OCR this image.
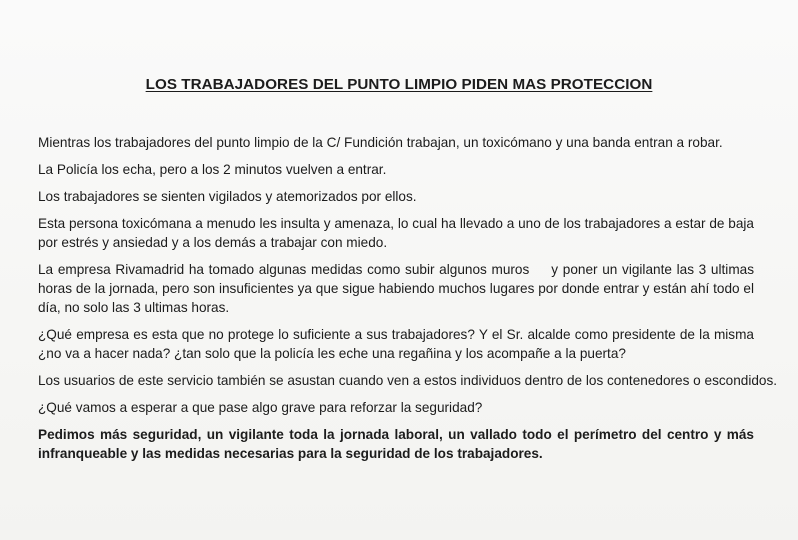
LOS TRABAJADORES DEL PUNTO LIMPIO PIDEN MAS PROTECCION

Mientras los trabajadores del punto limpio de la C/ Fundición trabajan, un toxicómano y una banda entran a robar.

La Policía los echa, pero a los 2 minutos vuelven a entrar.

Los trabajadores se sienten vigilados y atemorizados por ellos.

Esta persona toxicómana a menudo les insulta y amenaza, lo cual ha llevado a uno de los trabajadores a estar de baja por estrés y ansiedad y a los demás a trabajar con miedo.

La empresa Rivamadrid ha tomado algunas medidas como subir algunos muros y poner un vigilante las 3 ultimas horas de la jornada, pero son insuficientes ya que sigue habiendo muchos lugares por donde entrar y están ahí todo el día, no solo las 3 ultimas horas.

¿Qué empresa es esta que no protege lo suficiente a sus trabajadores? Y el Sr. alcalde como presidente de la misma ¿no va a hacer nada? ¿tan solo que la policía les eche una regañina y los acompañe a la puerta?

Los usuarios de este servicio también se asustan cuando ven a estos individuos dentro de los contenedores o escondidos.

¿Qué vamos a esperar a que pase algo grave para reforzar la seguridad?

Pedimos más seguridad, un vigilante toda la jornada laboral, un vallado todo el perímetro del centro y más infranqueable y las medidas necesarias para la seguridad de los trabajadores.
